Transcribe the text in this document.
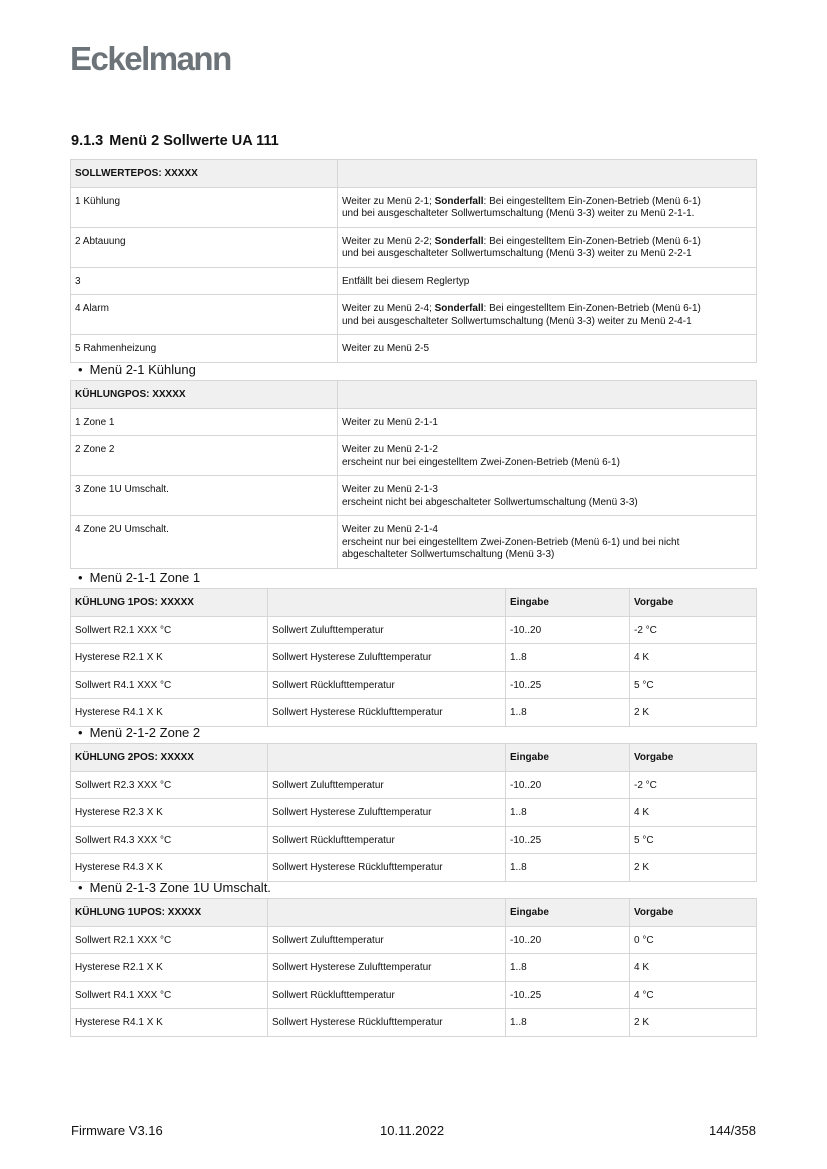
Eckelmann
9.1.3 Menü 2 Sollwerte UA 111
SOLLWERTEPOS: XXXXX	
1 Kühlung	Weiter zu Menü 2-1; Sonderfall: Bei eingestelltem Ein-Zonen-Betrieb (Menü 6-1)
und bei ausgeschalteter Sollwertumschaltung (Menü 3-3) weiter zu Menü 2-1-1.
2 Abtauung	Weiter zu Menü 2-2; Sonderfall: Bei eingestelltem Ein-Zonen-Betrieb (Menü 6-1)
und bei ausgeschalteter Sollwertumschaltung (Menü 3-3) weiter zu Menü 2-2-1
3	Entfällt bei diesem Reglertyp
4 Alarm	Weiter zu Menü 2-4; Sonderfall: Bei eingestelltem Ein-Zonen-Betrieb (Menü 6-1)
und bei ausgeschalteter Sollwertumschaltung (Menü 3-3) weiter zu Menü 2-4-1
5 Rahmenheizung	Weiter zu Menü 2-5
• Menü 2-1 Kühlung
KÜHLUNGPOS: XXXXX	
1 Zone 1	Weiter zu Menü 2-1-1
2 Zone 2	Weiter zu Menü 2-1-2
erscheint nur bei eingestelltem Zwei-Zonen-Betrieb (Menü 6-1)
3 Zone 1U Umschalt.	Weiter zu Menü 2-1-3
erscheint nicht bei abgeschalteter Sollwertumschaltung (Menü 3-3)
4 Zone 2U Umschalt.	Weiter zu Menü 2-1-4
erscheint nur bei eingestelltem Zwei-Zonen-Betrieb (Menü 6-1) und bei nicht
abgeschalteter Sollwertumschaltung (Menü 3-3)
• Menü 2-1-1 Zone 1
KÜHLUNG 1POS: XXXXX		Eingabe	Vorgabe
Sollwert R2.1 XXX °C	Sollwert Zulufttemperatur	-10..20	-2 °C
Hysterese R2.1 X K	Sollwert Hysterese Zulufttemperatur	1..8	4 K
Sollwert R4.1 XXX °C	Sollwert Rücklufttemperatur	-10..25	5 °C
Hysterese R4.1 X K	Sollwert Hysterese Rücklufttemperatur	1..8	2 K
• Menü 2-1-2 Zone 2
KÜHLUNG 2POS: XXXXX		Eingabe	Vorgabe
Sollwert R2.3 XXX °C	Sollwert Zulufttemperatur	-10..20	-2 °C
Hysterese R2.3 X K	Sollwert Hysterese Zulufttemperatur	1..8	4 K
Sollwert R4.3 XXX °C	Sollwert Rücklufttemperatur	-10..25	5 °C
Hysterese R4.3 X K	Sollwert Hysterese Rücklufttemperatur	1..8	2 K
• Menü 2-1-3 Zone 1U Umschalt.
KÜHLUNG 1UPOS: XXXXX		Eingabe	Vorgabe
Sollwert R2.1 XXX °C	Sollwert Zulufttemperatur	-10..20	0 °C
Hysterese R2.1 X K	Sollwert Hysterese Zulufttemperatur	1..8	4 K
Sollwert R4.1 XXX °C	Sollwert Rücklufttemperatur	-10..25	4 °C
Hysterese R4.1 X K	Sollwert Hysterese Rücklufttemperatur	1..8	2 K
Firmware V3.16	10.11.2022	144/358
